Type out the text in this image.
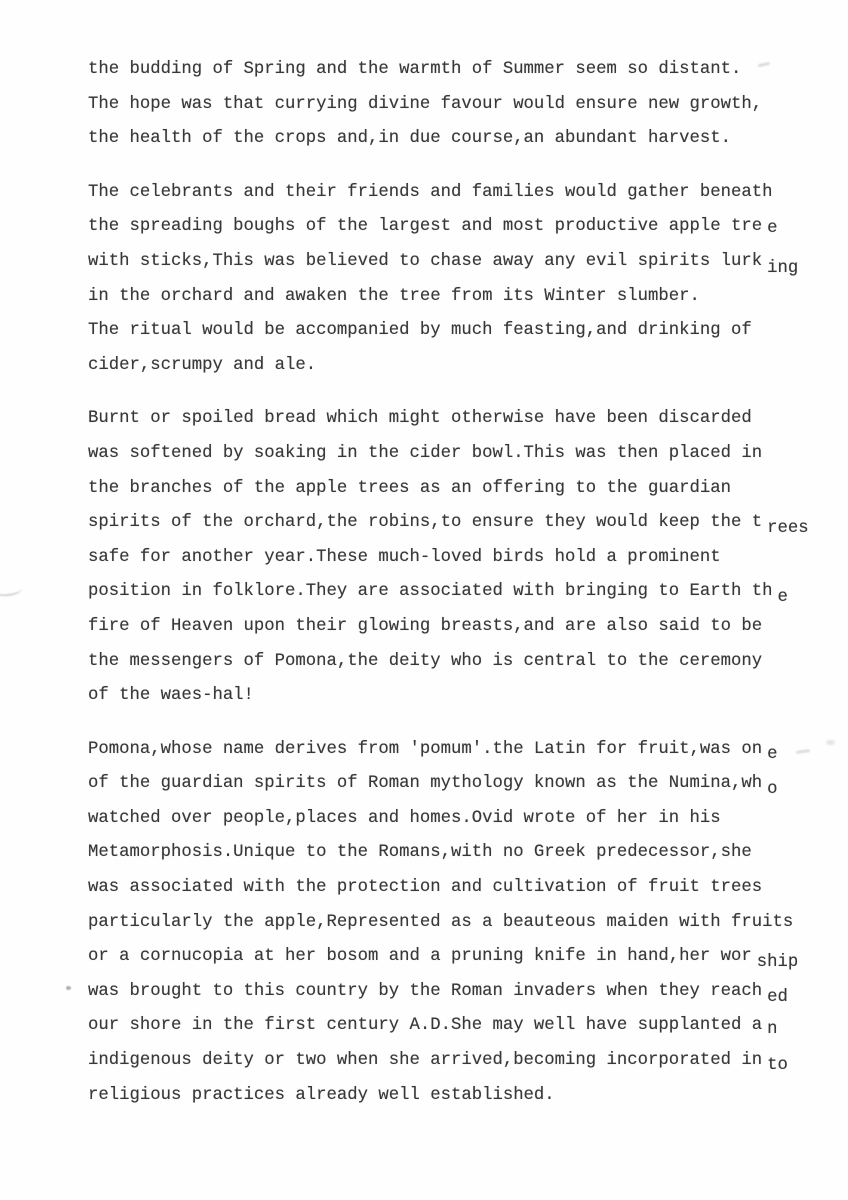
the budding of Spring and the warmth of Summer seem so distant.
The hope was that currying divine favour would ensure new growth,
the health of the crops and,in due course,an abundant harvest.
The celebrants and their friends and families would gather beneath
the spreading boughs of the largest and most productive apple tre e
with sticks,This was believed to chase away any evil spirits lurk ing
in the orchard and awaken the tree from its Winter slumber.
The ritual would be accompanied by much feasting,and drinking of
cider,scrumpy and ale.
Burnt or spoiled bread which might otherwise have been discarded
was softened by soaking in the cider bowl.This was then placed in
the branches of the apple trees as an offering to the guardian
spirits of the orchard,the robins,to ensure they would keep the t rees
safe for another year.These much-loved birds hold a prominent
position in folklore.They are associated with bringing to Earth th e
fire of Heaven upon their glowing breasts,and are also said to be
the messengers of Pomona,the deity who is central to the ceremony
of the waes-hal!
Pomona,whose name derives from 'pomum'.the Latin for fruit,was on e
of the guardian spirits of Roman mythology known as the Numina,wh o
watched over people,places and homes.Ovid wrote of her in his
Metamorphosis.Unique to the Romans,with no Greek predecessor,she
was associated with the protection and cultivation of fruit trees
particularly the apple,Represented as a beauteous maiden with fruits
or a cornucopia at her bosom and a pruning knife in hand,her wor ship
was brought to this country by the Roman invaders when they reach ed
our shore in the first century A.D.She may well have supplanted a n
indigenous deity or two when she arrived,becoming incorporated in to
religious practices already well established.
